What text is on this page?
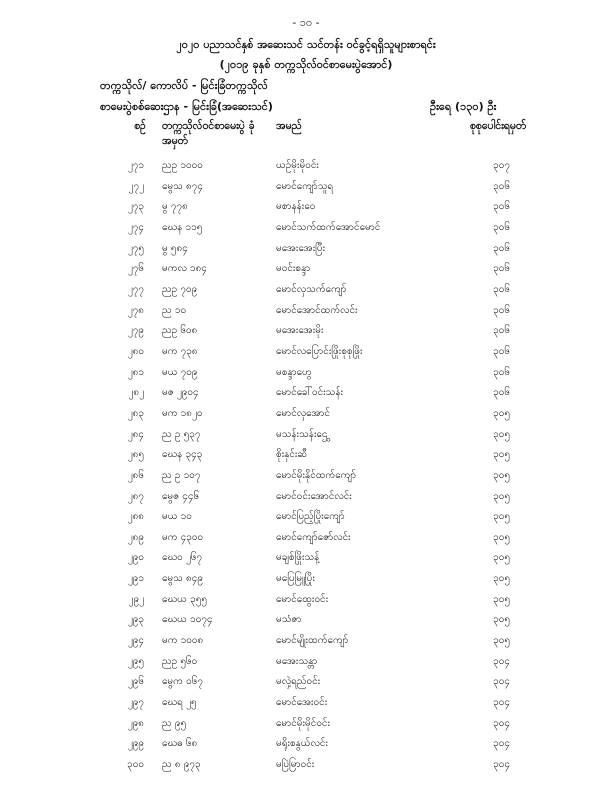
- ၁၀ -
၂၀၂၀ ပညာသင်နှစ် အဆေးသင် သင်တန်း ဝင်ခွင့်ရရှိသူများစာရင်း
(၂၀၁၉ ခုနှစ် တက္ကသိုလ်ဝင်စာမေးပွဲအောင်)
တက္ကသိုလ်/ ကောလိပ် - မြင်းခြံတက္ကသိုလ်
စာမေးပွဲစစ်ဆေးဌာန - မြင်းခြံ(အဆေးသင်)	ဦးရေ (၁၃၀) ဦး
စဉ် တက္ကသိုလ်ဝင်စာမေးပွဲ ခုံအမှတ်
အမည်	စုစုပေါင်းရမှတ်
၂၇၁ ညဥ ၁၀၀၀	ယဉ်မိုးမိုဝင်း	၃၀၇
၂၇၂ မွေသ ၈၇၄	မောင်ကျော်သူရ	၃၀၆
၂၇၃ မွ ၇၇၈	မစာနန်းဝေ	၃၀၆
၂၇၄ ဃေန ၁၁၅	မောင်သက်ထက်အောင်မောင်	၃၀၆
၂၇၅ မွ ၅၈၄	မအေးအေးပြီး	၃၀၆
၂၇၆ မကလ ၁၈၄	မဝင်းစန္ဒာ	၃၀၆
၂၇၇ ညဥ ၇၀၉	မောင်လှသက်ကျော်	၃၀၆
၂၇၈ ည ၁၀	မောင်အောင်ထက်လင်း	၃၀၆
၂၇၉ ညဥ ၆၀၈	မအေးအေးမိုး	၃၀၆
၂၈၀ မက ၇၃၈	မောင်လပြောင်းဖြိုးစုစုဖြိုး	၃၀၆
၂၈၁ မယ ၇၀၉	မစန္ဒာဟွေ	၃၀၆
၂၈၂ မဇ ၂၉၀၄	မောင်ခေါ်ဝင်းသန်း	၃၀၆
၂၈၃ မက ၁၈၂၀	မောင်လှအောင်	၃၀၅
၂၈၄ ည ဥ ၅၃၇	မသန်းသန်းဌွေ	၃၀၅
၂၈၅ ဃေန ၃၄၃	စိုးနှင်းဆီ	၃၀၅
၂၈၆ ည ဥ ၁၀၇	မောင်မိုးနိုင်ထက်ကျော်	၃၀၅
၂၈၇ မွေဇ ၄၄၆	မောင်ဝင်းအောင်လင်း	၃၀၅
၂၈၈ မယ ၁၀	မောင်ပြည့်ပြိုးကျော်	၃၀၅
၂၈၉ မက ၄၃၀၀	မောင်ကျော်ဇော်လင်း	၃၀၅
၂၉၀ ဃေဝ ၂၆၇	မချစ်ဖြိုးသန့်	၃၀၅
၂၉၁ မွေသ ၈၄၉	မပြေမြူပြိုး	၃၀၅
၂၉၂ ဃေယ ၃၅၅	မောင်ထွေးဝင်း	၃၀၅
၂၉၃ ဃေယ ၁၀၇၄	မသံဇာ	၃၀၅
၂၉၄ မက ၁၀၀၈	မောင်မျိုးထက်ကျော်	၃၀၅
၂၉၅ ညဥ ၅၆၀	မအေးသန္တာ	၃၀၄
၂၉၆ မွေက ၀၆၇	မလှဲ့ရည်ဝင်း	၃၀၄
၂၉၇ ဃေရ ၂၅	မောင်အေးဝင်း	၃၀၄
၂၉၈ ည ၉၅	မောင်မိုးမိုင်ဝင်း	၃၀၄
၂၉၉ ဃေဓ ၆၈	မရိုးစနွယ်လင်း	၃၀၄
၃၀၀ ည ၈ ၉၇၃	မပြဲမြာဝင်း	၃၀၄
